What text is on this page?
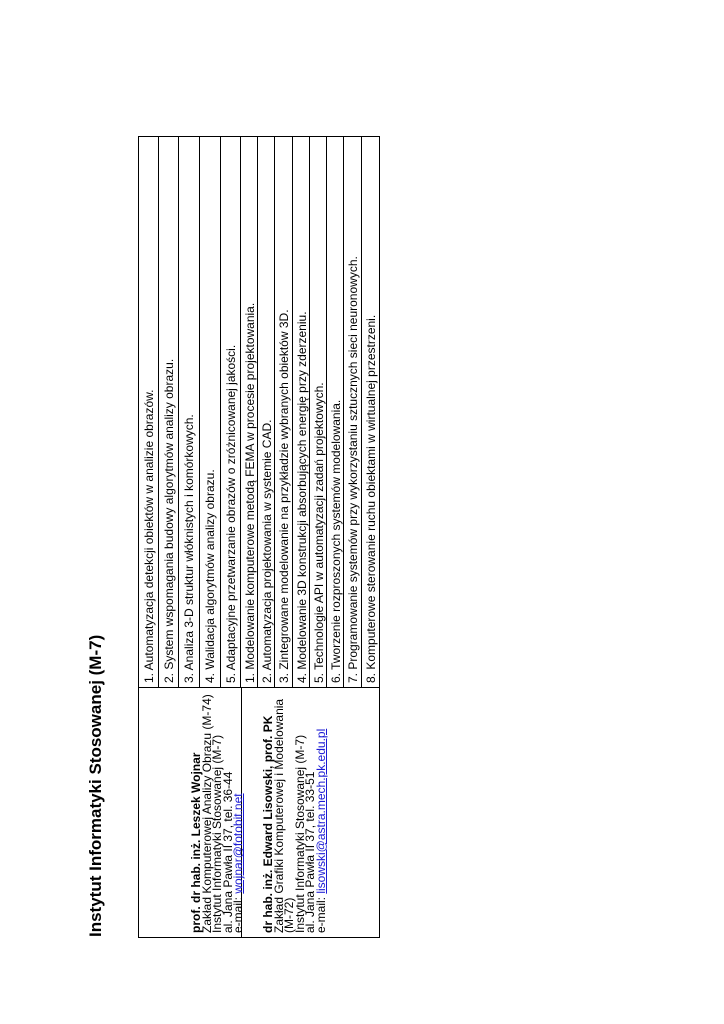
Instytut Informatyki Stosowanej (M-7)	prof. dr hab. inż. Leszek Wojnar
Zakład Komputerowej Analizy Obrazu (M-74)
Instytut Informatyki Stosowanej (M-7)
al. Jana Pawła II 37, tel. 36-44
e-mail: wojnar@fotobit.net dr hab. inż. Edward Lisowski, prof. PK
Zakład Grafiki Komputerowej i Modelowania
(M-72)
Instytut Informatyki Stosowanej (M-7)
al. Jana Pawła II 37, tel. 33-51
e-mail: lisowski@astra.mech.pk.edu.pl
1. Automatyzacja detekcji obiektów w analizie obrazów. 2. System wspomagania budowy algorytmów analizy obrazu. 3. Analiza 3-D struktur włóknistych i komórkowych. 4. Walidacja algorytmów analizy obrazu. 5. Adaptacyjne przetwarzanie obrazów o zróżnicowanej jakości. 1. Modelowanie komputerowe metodą FEMA w procesie projektowania. 2. Automatyzacja projektowania w systemie CAD. 3. Zintegrowane modelowanie na przykładzie wybranych obiektów 3D. 4. Modelowanie 3D konstrukcji absorbujących energię przy zderzeniu. 5. Technologie API w automatyzacji zadań projektowych. 6. Tworzenie rozproszonych systemów modelowania. 7. Programowanie systemów przy wykorzystaniu sztucznych sieci neuronowych. 8. Komputerowe sterowanie ruchu obiektami w wirtualnej przestrzeni.
